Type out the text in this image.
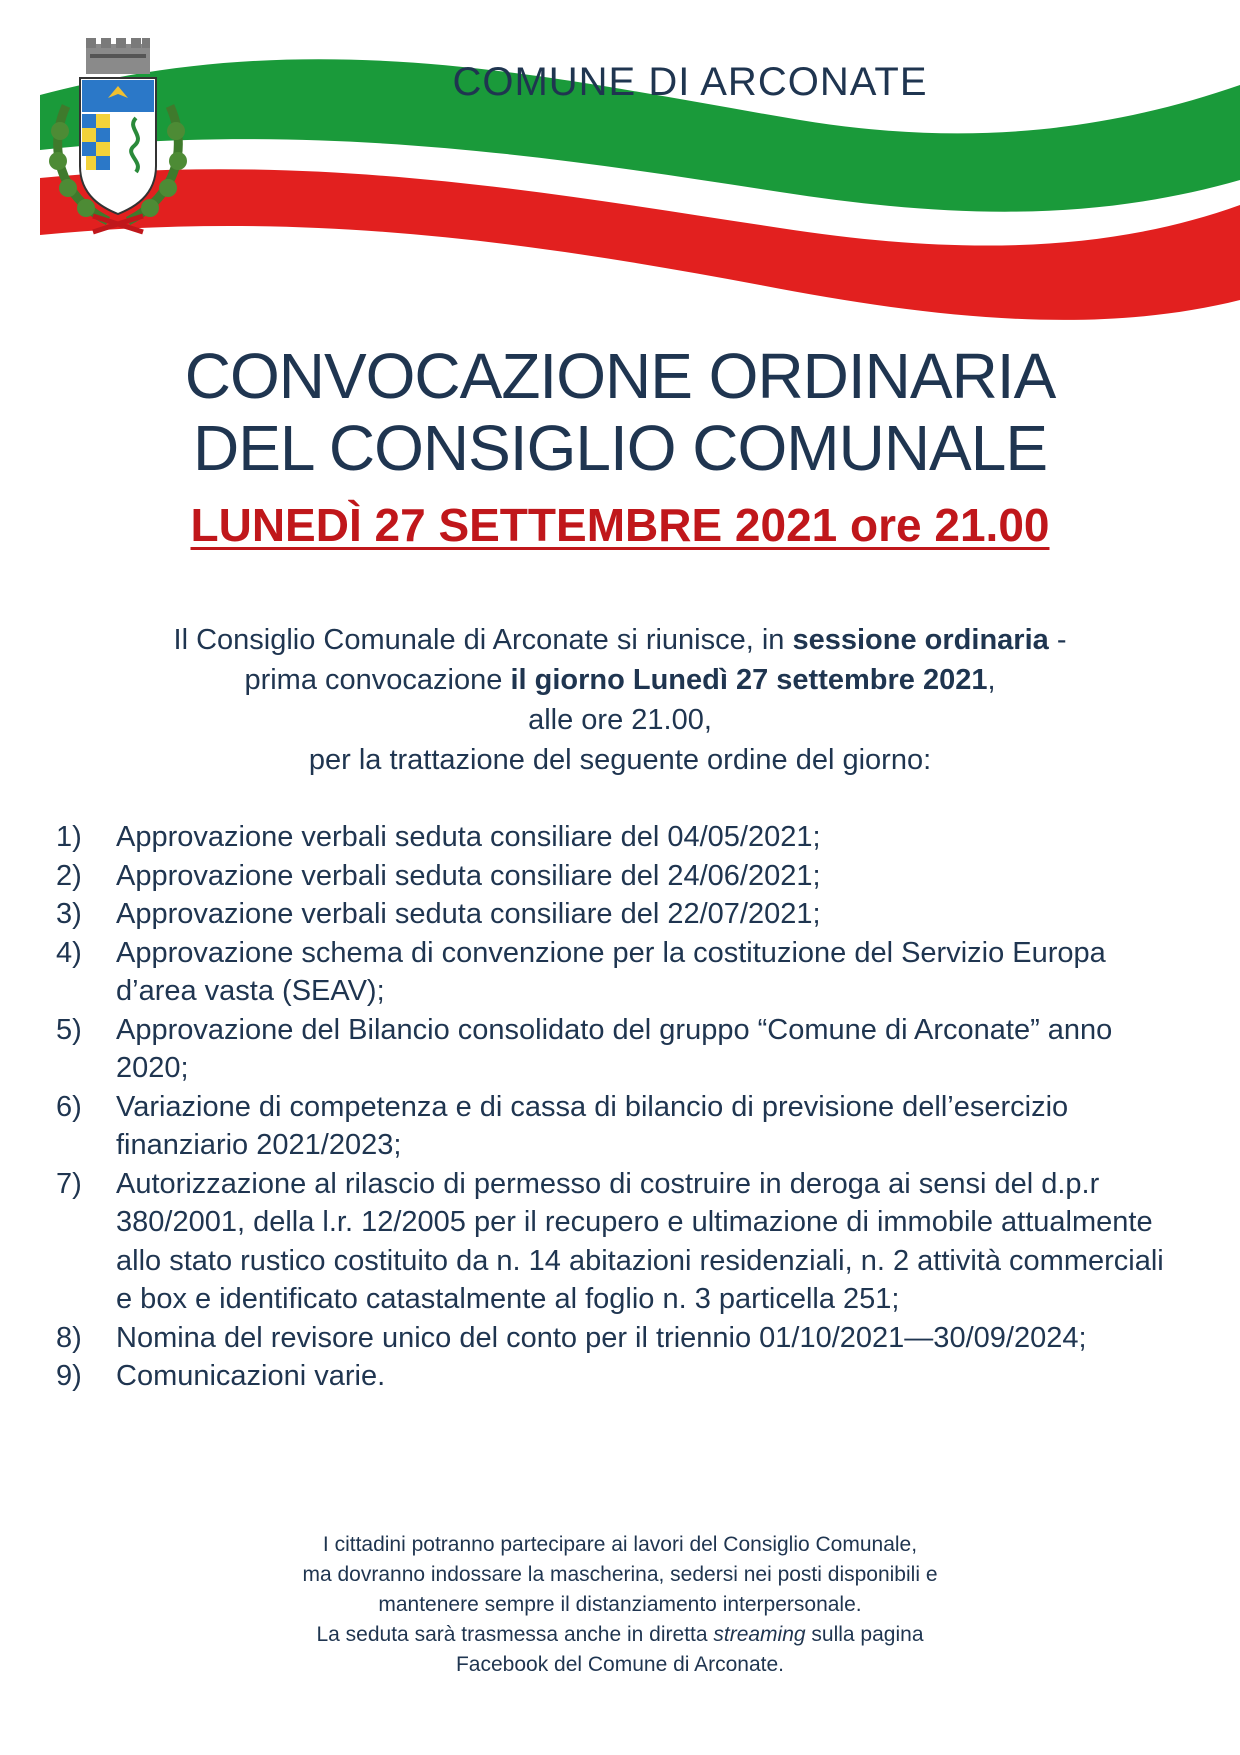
COMUNE DI ARCONATE
CONVOCAZIONE ORDINARIA
DEL CONSIGLIO COMUNALE
LUNEDÌ 27 SETTEMBRE 2021 ore 21.00
Il Consiglio Comunale di Arconate si riunisce, in sessione ordinaria -
prima convocazione il giorno Lunedì 27 settembre 2021,
alle ore 21.00,
per la trattazione del seguente ordine del giorno:
1)	Approvazione verbali seduta consiliare del 04/05/2021;
2)	Approvazione verbali seduta consiliare del 24/06/2021;
3)	Approvazione verbali seduta consiliare del 22/07/2021;
4)	Approvazione schema di convenzione per la costituzione del Servizio Europa d’area vasta (SEAV);
5)	Approvazione del Bilancio consolidato del gruppo “Comune di Arconate” anno 2020;
6)	Variazione di competenza e di cassa di bilancio di previsione dell’esercizio finanziario 2021/2023;
7)	Autorizzazione al rilascio di permesso di costruire in deroga ai sensi del d.p.r 380/2001, della l.r. 12/2005 per il recupero e ultimazione di immobile attualmente allo stato rustico costituito da n. 14 abitazioni residenziali, n. 2 attività commerciali e box e identificato catastalmente al foglio n. 3 particella 251;
8)	Nomina del revisore unico del conto per il triennio 01/10/2021—30/09/2024;
9)	Comunicazioni varie.
I cittadini potranno partecipare ai lavori del Consiglio Comunale,
ma dovranno indossare la mascherina, sedersi nei posti disponibili e
mantenere sempre il distanziamento interpersonale.
La seduta sarà trasmessa anche in diretta streaming sulla pagina
Facebook del Comune di Arconate.
